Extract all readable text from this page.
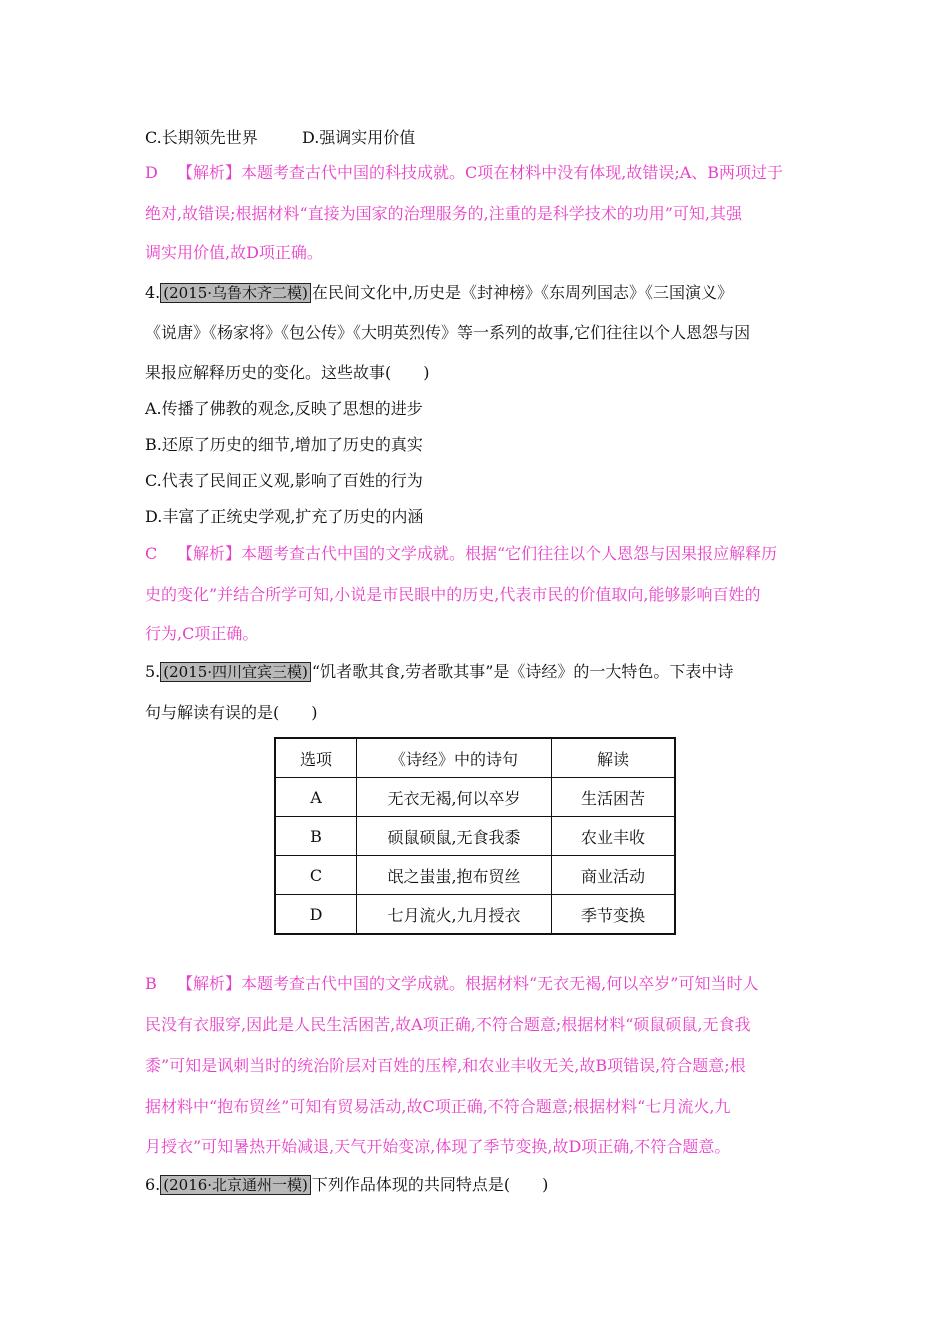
C.长期领先世界	D.强调实用价值
D 【解析】本题考查古代中国的科技成就。C项在材料中没有体现,故错误;A、B两项过于
绝对,故错误;根据材料“直接为国家的治理服务的,注重的是科学技术的功用”可知,其强
调实用价值,故D项正确。
4. (2015·乌鲁木齐二模) 在民间文化中,历史是《封神榜》《东周列国志》《三国演义》
《说唐》《杨家将》《包公传》《大明英烈传》等一系列的故事,它们往往以个人恩怨与因
果报应解释历史的变化。这些故事(　　)
A.传播了佛教的观念,反映了思想的进步
B.还原了历史的细节,增加了历史的真实
C.代表了民间正义观,影响了百姓的行为
D.丰富了正统史学观,扩充了历史的内涵
C 【解析】本题考查古代中国的文学成就。根据“它们往往以个人恩怨与因果报应解释历
史的变化”并结合所学可知,小说是市民眼中的历史,代表市民的价值取向,能够影响百姓的
行为,C项正确。
5. (2015·四川宜宾三模) “饥者歌其食,劳者歌其事”是《诗经》的一大特色。下表中诗
句与解读有误的是(　　)
选项	《诗经》中的诗句	解读
A	无衣无褐,何以卒岁	生活困苦
B	硕鼠硕鼠,无食我黍	农业丰收
C	氓之蚩蚩,抱布贸丝	商业活动
D	七月流火,九月授衣	季节变换
B 【解析】本题考查古代中国的文学成就。根据材料“无衣无褐,何以卒岁”可知当时人
民没有衣服穿,因此是人民生活困苦,故A项正确,不符合题意;根据材料“硕鼠硕鼠,无食我
黍”可知是讽刺当时的统治阶层对百姓的压榨,和农业丰收无关,故B项错误,符合题意;根
据材料中“抱布贸丝”可知有贸易活动,故C项正确,不符合题意;根据材料“七月流火,九
月授衣”可知暑热开始减退,天气开始变凉,体现了季节变换,故D项正确,不符合题意。
6. (2016·北京通州一模) 下列作品体现的共同特点是(　　)
